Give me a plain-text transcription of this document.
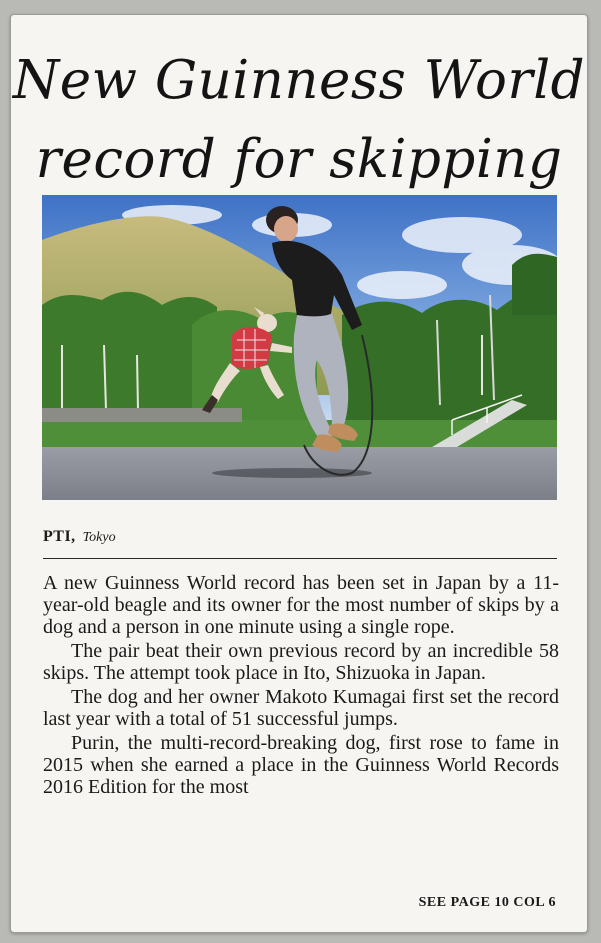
New Guinness World
record for skipping
PTI, Tokyo

A new Guinness World record has been set in Japan by a 11-year-old beagle and its owner for the most number of skips by a dog and a person in one minute using a single rope.

The pair beat their own previous record by an incredible 58 skips. The attempt took place in Ito, Shizuoka in Japan.

The dog and her owner Makoto Kumagai first set the record last year with a total of 51 successful jumps.

Purin, the multi-record-breaking dog, first rose to fame in 2015 when she earned a place in the Guinness World Records 2016 Edition for the most

SEE PAGE 10 COL 6
